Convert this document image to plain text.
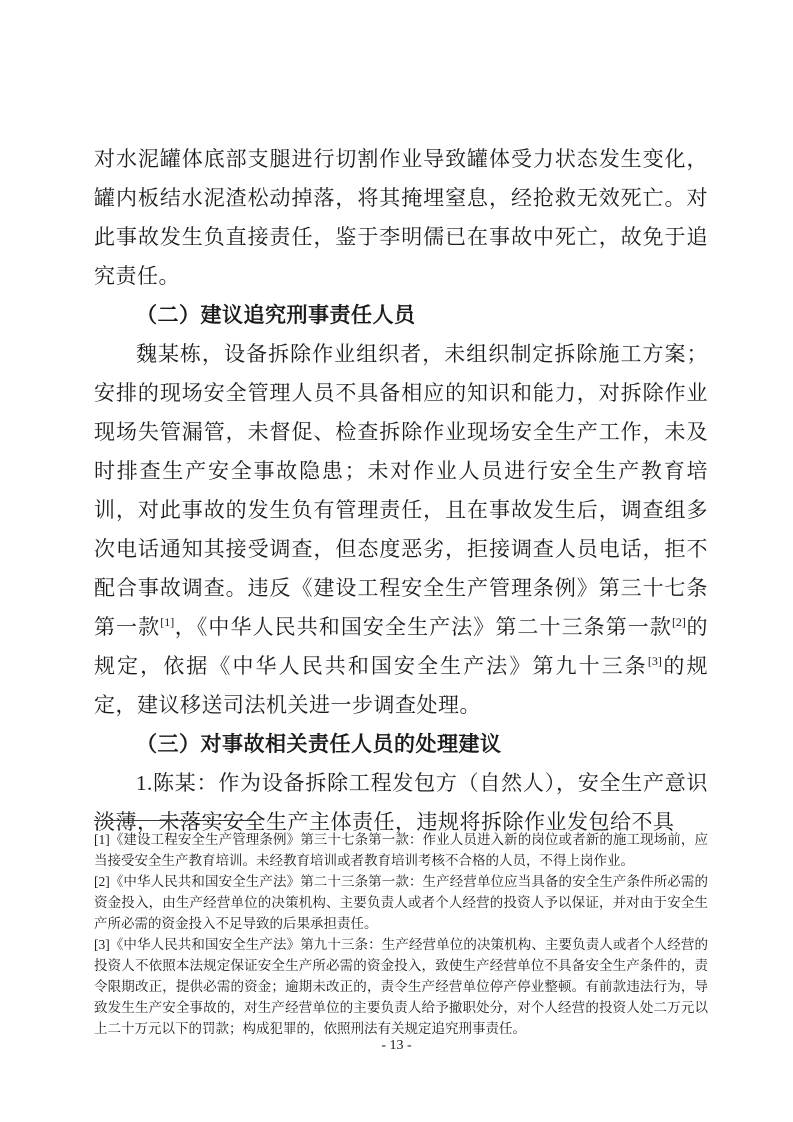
对水泥罐体底部支腿进行切割作业导致罐体受力状态发生变化，罐内板结水泥渣松动掉落，将其掩埋窒息，经抢救无效死亡。对此事故发生负直接责任，鉴于李明儒已在事故中死亡，故免于追究责任。

（二）建议追究刑事责任人员

魏某栋，设备拆除作业组织者，未组织制定拆除施工方案；安排的现场安全管理人员不具备相应的知识和能力，对拆除作业现场失管漏管，未督促、检查拆除作业现场安全生产工作，未及时排查生产安全事故隐患；未对作业人员进行安全生产教育培训，对此事故的发生负有管理责任，且在事故发生后，调查组多次电话通知其接受调查，但态度恶劣，拒接调查人员电话，拒不配合事故调查。违反《建设工程安全生产管理条例》第三十七条第一款[1]，《中华人民共和国安全生产法》第二十三条第一款[2]的规定，依据《中华人民共和国安全生产法》第九十三条[3]的规定，建议移送司法机关进一步调查处理。

（三）对事故相关责任人员的处理建议

1.陈某：作为设备拆除工程发包方（自然人），安全生产意识淡薄，未落实安全生产主体责任，违规将拆除作业发包给不具

[1]《建设工程安全生产管理条例》第三十七条第一款：作业人员进入新的岗位或者新的施工现场前，应当接受安全生产教育培训。未经教育培训或者教育培训考核不合格的人员，不得上岗作业。

[2]《中华人民共和国安全生产法》第二十三条第一款：生产经营单位应当具备的安全生产条件所必需的资金投入，由生产经营单位的决策机构、主要负责人或者个人经营的投资人予以保证，并对由于安全生产所必需的资金投入不足导致的后果承担责任。

[3]《中华人民共和国安全生产法》第九十三条：生产经营单位的决策机构、主要负责人或者个人经营的投资人不依照本法规定保证安全生产所必需的资金投入，致使生产经营单位不具备安全生产条件的，责令限期改正，提供必需的资金；逾期未改正的，责令生产经营单位停产停业整顿。有前款违法行为，导致发生生产安全事故的，对生产经营单位的主要负责人给予撤职处分，对个人经营的投资人处二万元以上二十万元以下的罚款；构成犯罪的，依照刑法有关规定追究刑事责任。

- 13 -
